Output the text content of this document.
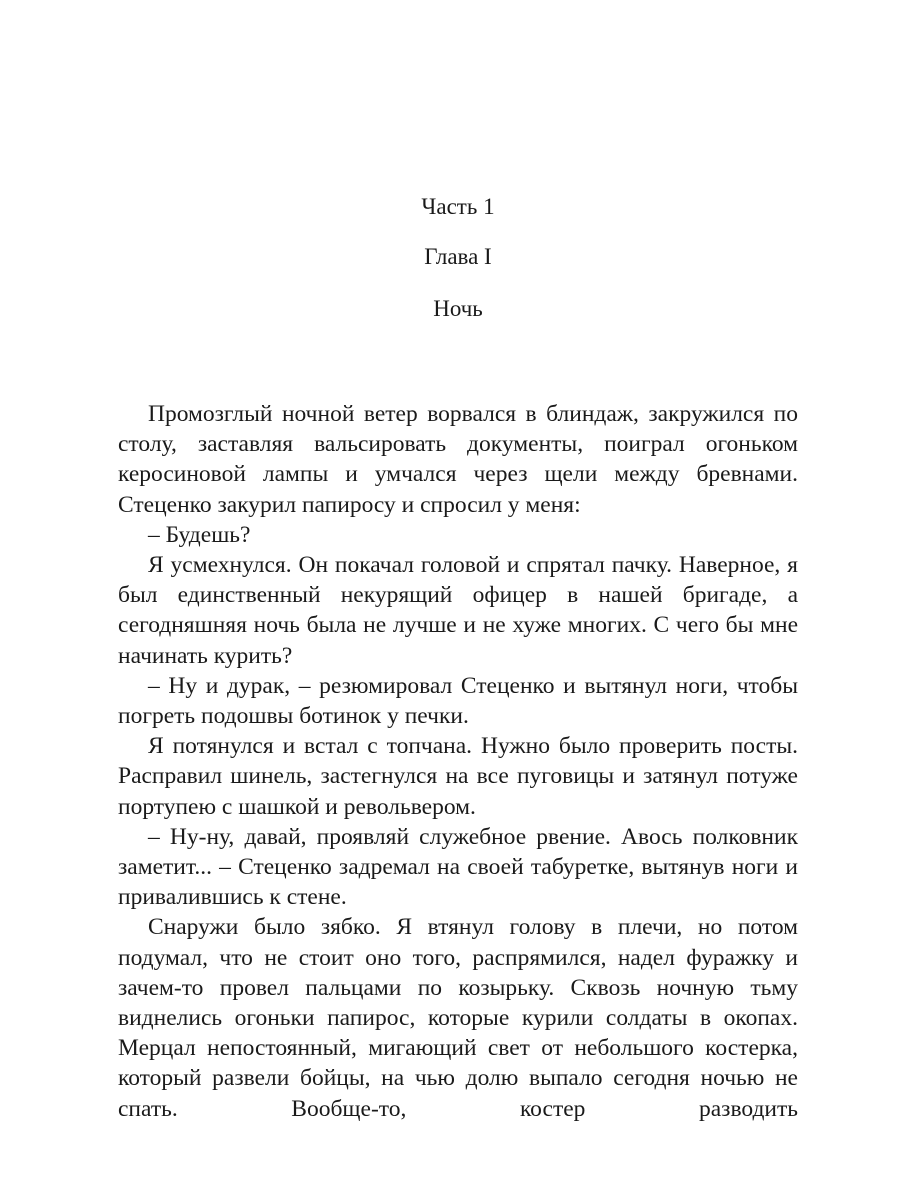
Часть 1
Глава I
Ночь

Промозглый ночной ветер ворвался в блиндаж, закружился по столу, заставляя вальсировать документы, поиграл огоньком керосиновой лампы и умчался через щели между бревнами. Стеценко закурил папиросу и спросил у меня:

– Будешь?

Я усмехнулся. Он покачал головой и спрятал пачку. Наверное, я был единственный некурящий офицер в нашей бригаде, а сегодняшняя ночь была не лучше и не хуже многих. С чего бы мне начинать курить?

– Ну и дурак, – резюмировал Стеценко и вытянул ноги, чтобы погреть подошвы ботинок у печки.

Я потянулся и встал с топчана. Нужно было проверить посты. Расправил шинель, застегнулся на все пуговицы и затянул потуже портупею с шашкой и револьвером.

– Ну-ну, давай, проявляй служебное рвение. Авось полковник заметит... – Стеценко задремал на своей табуретке, вытянув ноги и привалившись к стене.

Снаружи было зябко. Я втянул голову в плечи, но потом подумал, что не стоит оно того, распрямился, надел фуражку и зачем-то провел пальцами по козырьку. Сквозь ночную тьму виднелись огоньки папирос, которые курили солдаты в окопах. Мерцал непостоянный, мигающий свет от небольшого костерка, который развели бойцы, на чью долю выпало сегодня ночью не спать. Вообще-то, костер разводить
